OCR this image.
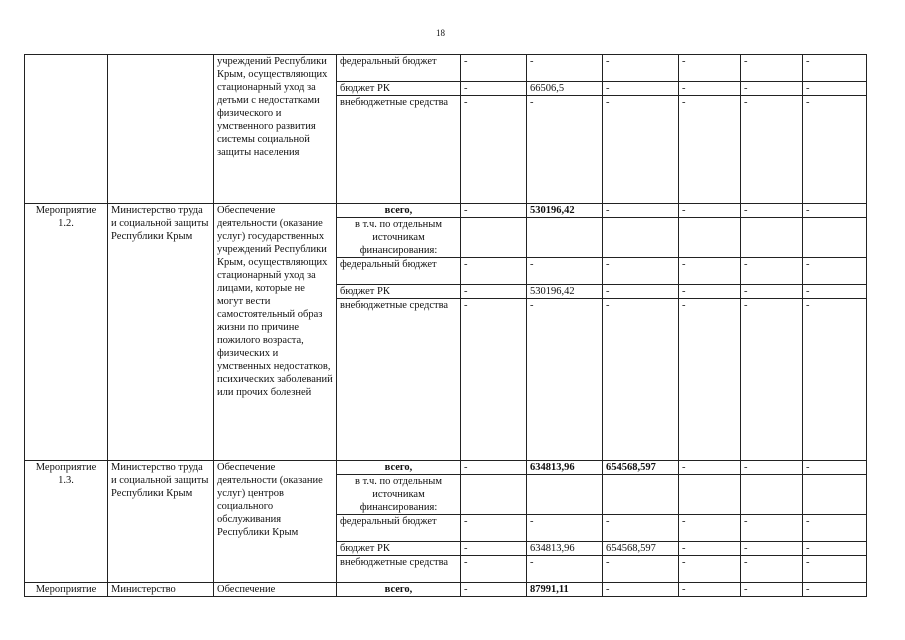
18
		учреждений Республики Крым, осуществляющих стационарный уход за детьми с недостатками физического и умственного развития системы социальной защиты населения	федеральный бюджет	-	-	-	-	-	-
			бюджет РК	-	66506,5	-	-	-	-
			внебюджетные средства	-	-	-	-	-	-
Мероприятие 1.2.	Министерство труда и социальной защиты Республики Крым	Обеспечение деятельности (оказание услуг) государственных учреждений Республики Крым, осуществляющих стационарный уход за лицами, которые не могут вести самостоятельный образ жизни по причине пожилого возраста, физических и умственных недостатков, психических заболеваний или прочих болезней	всего,	-	530196,42	-	-	-	-
			в т.ч. по отдельным источникам финансирования:						
			федеральный бюджет	-	-	-	-	-	-
			бюджет РК	-	530196,42	-	-	-	-
			внебюджетные средства	-	-	-	-	-	-
Мероприятие 1.3.	Министерство труда и социальной защиты Республики Крым	Обеспечение деятельности (оказание услуг) центров социального обслуживания Республики Крым	всего,	-	634813,96	654568,597	-	-	-
			в т.ч. по отдельным источникам финансирования:						
			федеральный бюджет	-	-	-	-	-	-
			бюджет РК	-	634813,96	654568,597	-	-	-
			внебюджетные средства	-	-	-	-	-	-
Мероприятие	Министерство	Обеспечение	всего,	-	87991,11	-	-	-	-
